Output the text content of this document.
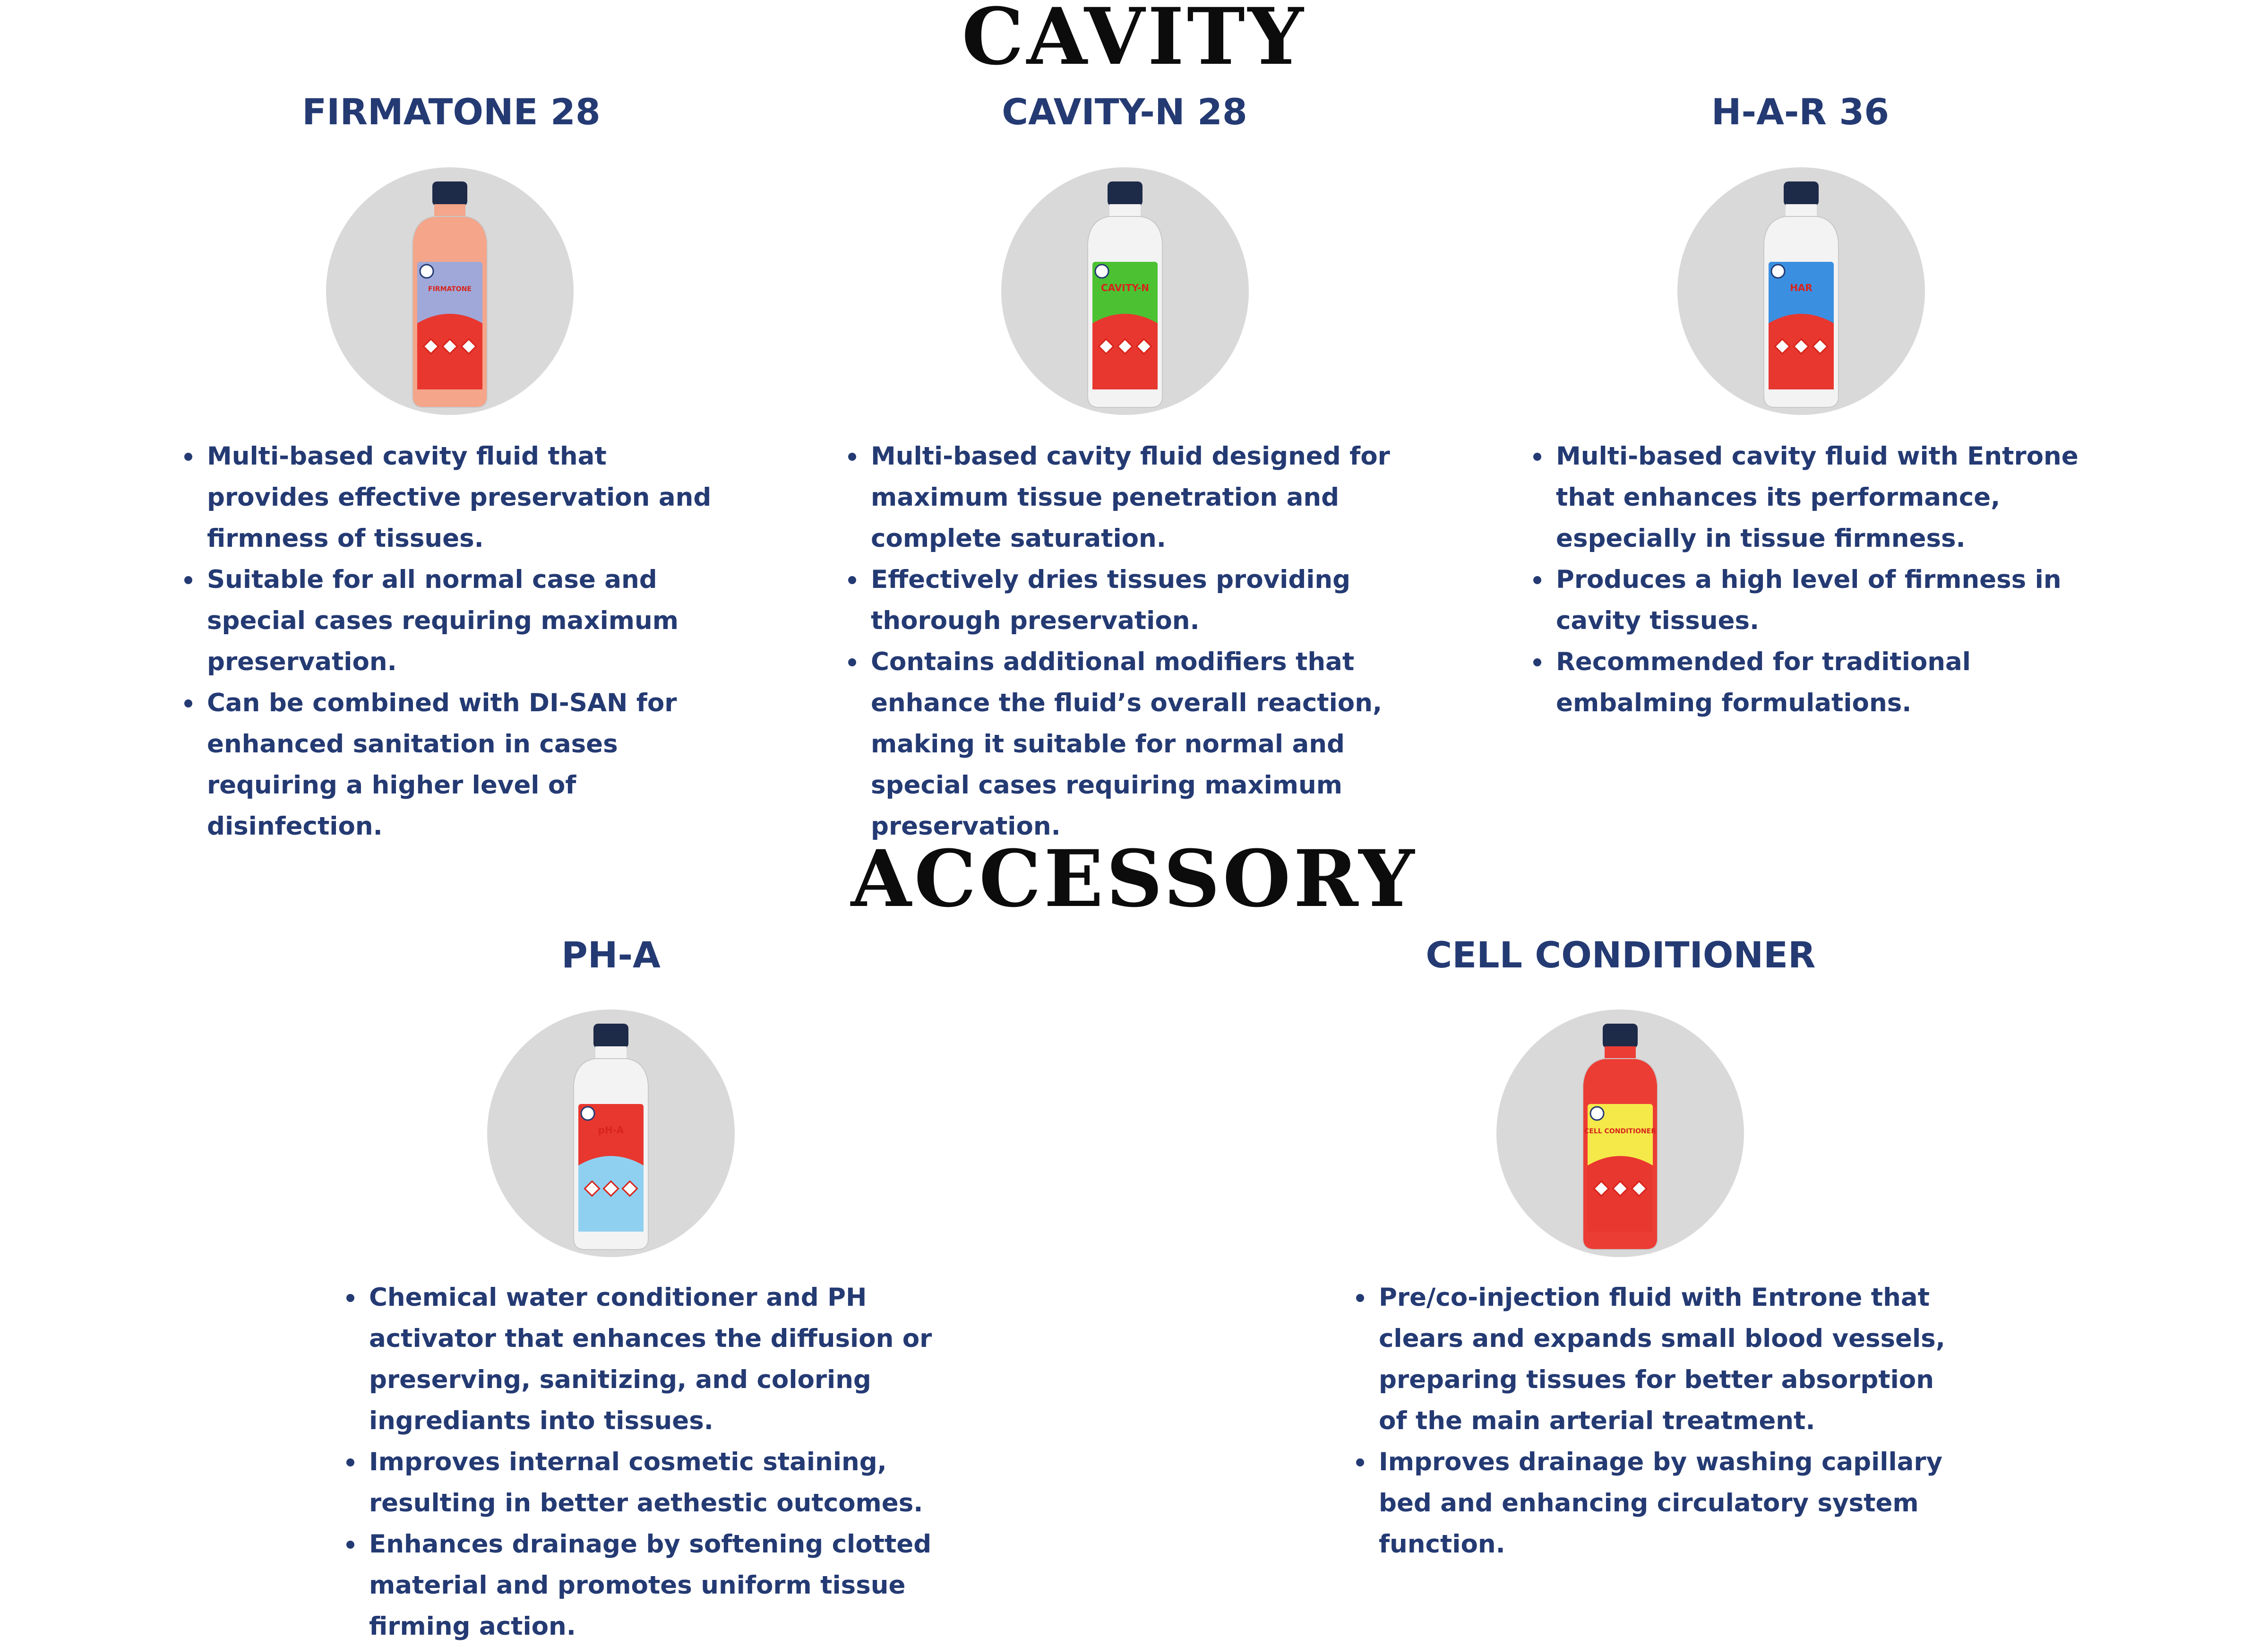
CAVITY
FIRMATONE 28
FIRMATONE
Multi-based cavity fluid that provides effective preservation and firmness of tissues.
Suitable for all normal case and special cases requiring maximum preservation.
Can be combined with DI-SAN for enhanced sanitation in cases requiring a higher level of disinfection.
CAVITY-N 28
CAVITY-N
Multi-based cavity fluid designed for maximum tissue penetration and complete saturation.
Effectively dries tissues providing thorough preservation.
Contains additional modifiers that enhance the fluid’s overall reaction, making it suitable for normal and special cases requiring maximum preservation.
H-A-R 36
HAR
Multi-based cavity fluid with Entrone that enhances its performance, especially in tissue firmness.
Produces a high level of firmness in cavity tissues.
Recommended for traditional embalming formulations.
ACCESSORY
PH-A
pH-A
Chemical water conditioner and PH activator that enhances the diffusion or preserving, sanitizing, and coloring ingrediants into tissues.
Improves internal cosmetic staining, resulting in better aethestic outcomes.
Enhances drainage by softening clotted material and promotes uniform tissue firming action.
CELL CONDITIONER
CELL CONDITIONER
Pre/co-injection fluid with Entrone that clears and expands small blood vessels, preparing tissues for better absorption of the main arterial treatment.
Improves drainage by washing capillary bed and enhancing circulatory system function.
